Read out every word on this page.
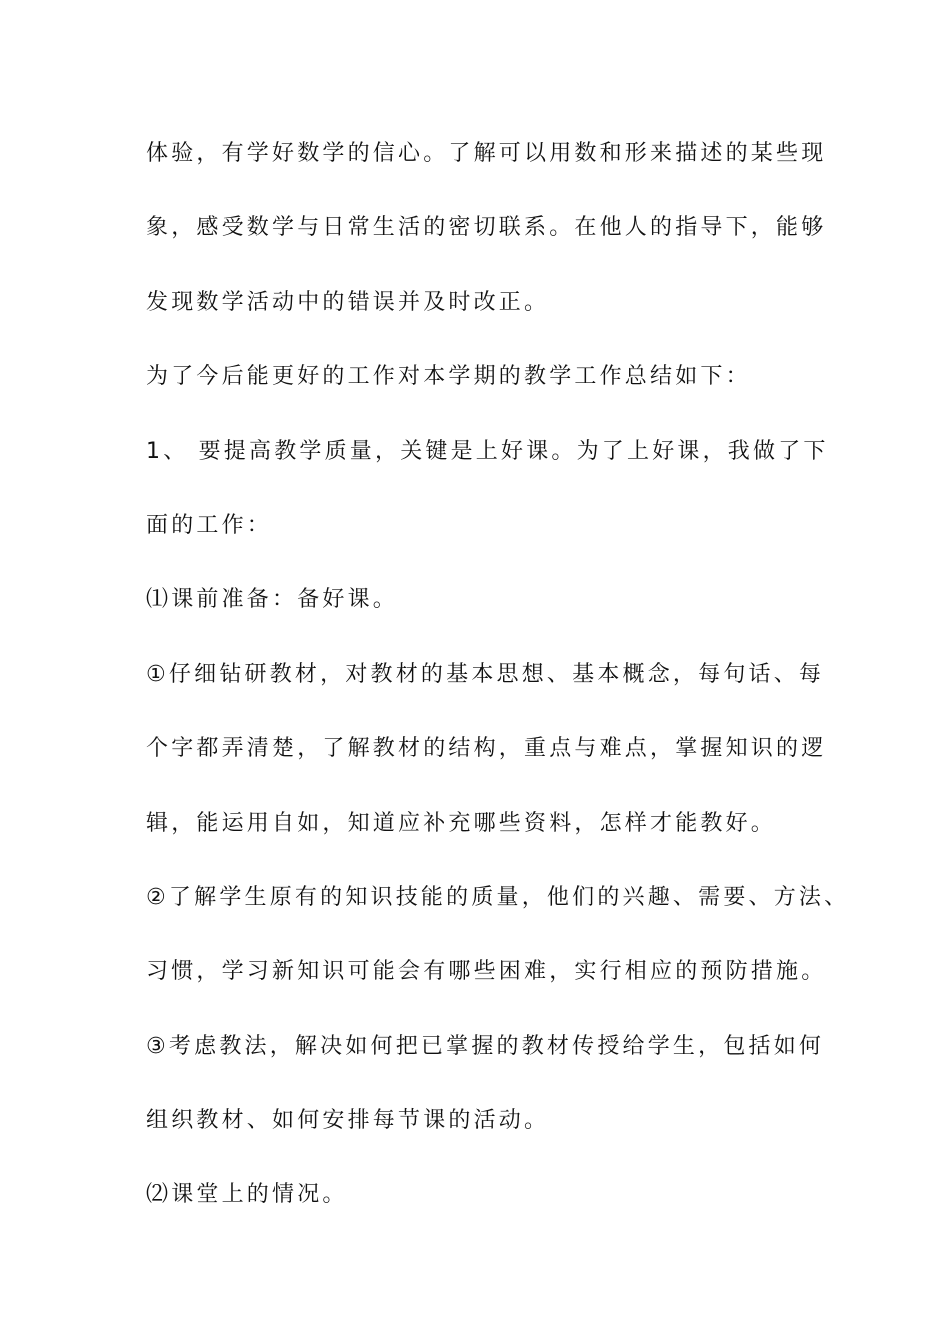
体验，有学好数学的信心。了解可以用数和形来描述的某些现
象，感受数学与日常生活的密切联系。在他人的指导下，能够
发现数学活动中的错误并及时改正。
为了今后能更好的工作对本学期的教学工作总结如下：
1、 要提高教学质量，关键是上好课。为了上好课，我做了下
面的工作：
⑴课前准备：备好课。
①仔细钻研教材，对教材的基本思想、基本概念，每句话、每
个字都弄清楚，了解教材的结构，重点与难点，掌握知识的逻
辑，能运用自如，知道应补充哪些资料，怎样才能教好。
②了解学生原有的知识技能的质量，他们的兴趣、需要、方法、
习惯，学习新知识可能会有哪些困难，实行相应的预防措施。
③考虑教法，解决如何把已掌握的教材传授给学生，包括如何
组织教材、如何安排每节课的活动。
⑵课堂上的情况。
